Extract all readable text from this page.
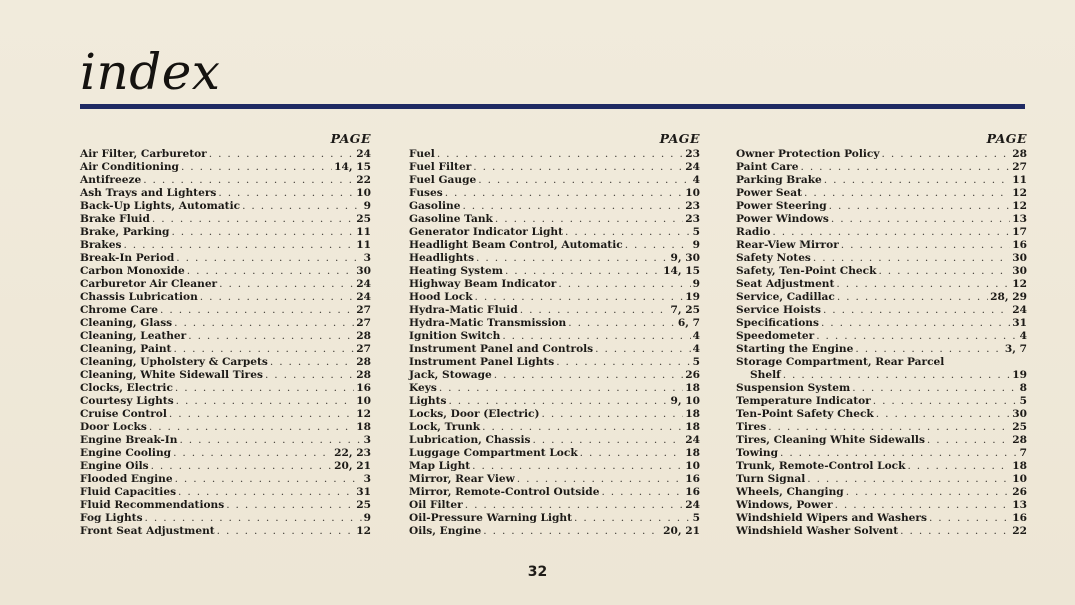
index
PAGE
Air Filter, Carburetor . . .	24
Air Conditioning . . .	14, 15
Antifreeze . . .	22
Ash Trays and Lighters . . .	10
Back-Up Lights, Automatic . . .	9
Brake Fluid . . .	25
Brake, Parking . . .	11
Brakes . . .	11
Break-In Period . . .	3
Carbon Monoxide . . .	30
Carburetor Air Cleaner . . .	24
Chassis Lubrication . . .	24
Chrome Care . . .	27
Cleaning, Glass . . .	27
Cleaning, Leather . . .	28
Cleaning, Paint . . .	27
Cleaning, Upholstery & Carpets . . .	28
Cleaning, White Sidewall Tires . . .	28
Clocks, Electric . . .	16
Courtesy Lights . . .	10
Cruise Control . . .	12
Door Locks . . .	18
Engine Break-In . . .	3
Engine Cooling . . .	22, 23
Engine Oils . . .	20, 21
Flooded Engine . . .	3
Fluid Capacities . . .	31
Fluid Recommendations . . .	25
Fog Lights . . .	9
Front Seat Adjustment . . .	12
PAGE
Fuel . . .	23
Fuel Filter . . .	24
Fuel Gauge . . .	4
Fuses . . .	10
Gasoline . . .	23
Gasoline Tank . . .	23
Generator Indicator Light . . .	5
Headlight Beam Control, Automatic . . .	9
Headlights . . .	9, 30
Heating System . . .	14, 15
Highway Beam Indicator . . .	9
Hood Lock . . .	19
Hydra-Matic Fluid . . .	7, 25
Hydra-Matic Transmission . . .	6, 7
Ignition Switch . . .	4
Instrument Panel and Controls . . .	4
Instrument Panel Lights . . .	5
Jack, Stowage . . .	26
Keys . . .	18
Lights . . .	9, 10
Locks, Door (Electric) . . .	18
Lock, Trunk . . .	18
Lubrication, Chassis . . .	24
Luggage Compartment Lock . . .	18
Map Light . . .	10
Mirror, Rear View . . .	16
Mirror, Remote-Control Outside . . .	16
Oil Filter . . .	24
Oil-Pressure Warning Light . . .	5
Oils, Engine . . .	20, 21
PAGE
Owner Protection Policy . . .	28
Paint Care . . .	27
Parking Brake . . .	11
Power Seat . . .	12
Power Steering . . .	12
Power Windows . . .	13
Radio . . .	17
Rear-View Mirror . . .	16
Safety Notes . . .	30
Safety, Ten-Point Check . . .	30
Seat Adjustment . . .	12
Service, Cadillac . . .	28, 29
Service Hoists . . .	24
Specifications . . .	31
Speedometer . . .	4
Starting the Engine . . .	3, 7
Storage Compartment, Rear Parcel
Shelf . . .	19
Suspension System . . .	8
Temperature Indicator . . .	5
Ten-Point Safety Check . . .	30
Tires . . .	25
Tires, Cleaning White Sidewalls . . .	28
Towing . . .	7
Trunk, Remote-Control Lock . . .	18
Turn Signal . . .	10
Wheels, Changing . . .	26
Windows, Power . . .	13
Windshield Wipers and Washers . . .	16
Windshield Washer Solvent . . .	22
32
